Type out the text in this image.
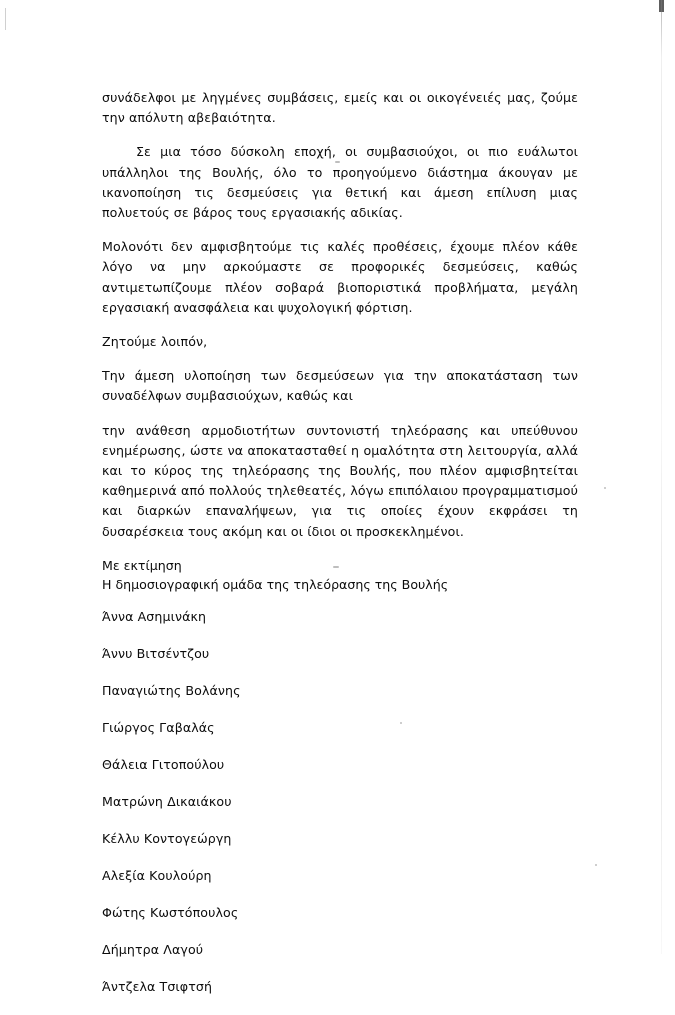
συνάδελφοι με ληγμένες συμβάσεις, εμείς και οι οικογένειές μας, ζούμε την απόλυτη αβεβαιότητα.

Σε μια τόσο δύσκολη εποχή, οι συμβασιούχοι, οι πιο ευάλωτοι υπάλληλοι της Βουλής, όλο το προηγούμενο διάστημα άκουγαν με ικανοποίηση τις δεσμεύσεις για θετική και άμεση επίλυση μιας πολυετούς σε βάρος τους εργασιακής αδικίας.

Μολονότι δεν αμφισβητούμε τις καλές προθέσεις, έχουμε πλέον κάθε λόγο να μην αρκούμαστε σε προφορικές δεσμεύσεις, καθώς αντιμετωπίζουμε πλέον σοβαρά βιοποριστικά προβλήματα, μεγάλη εργασιακή ανασφάλεια και ψυχολογική φόρτιση.

Ζητούμε λοιπόν,

Την άμεση υλοποίηση των δεσμεύσεων για την αποκατάσταση των συναδέλφων συμβασιούχων, καθώς και

την ανάθεση αρμοδιοτήτων συντονιστή τηλεόρασης και υπεύθυνου ενημέρωσης, ώστε να αποκατασταθεί η ομαλότητα στη λειτουργία, αλλά και το κύρος της τηλεόρασης της Βουλής, που πλέον αμφισβητείται καθημερινά από πολλούς τηλεθεατές, λόγω επιπόλαιου προγραμματισμού και διαρκών επαναλήψεων, για τις οποίες έχουν εκφράσει τη δυσαρέσκεια τους ακόμη και οι ίδιοι οι προσκεκλημένοι.

Με εκτίμηση
Η δημοσιογραφική ομάδα της τηλεόρασης της Βουλής
Άννα Ασημινάκη
Άννυ Βιτσέντζου
Παναγιώτης Βολάνης
Γιώργος Γαβαλάς
Θάλεια Γιτοπούλου
Ματρώνη Δικαιάκου
Κέλλυ Κοντογεώργη
Αλεξία Κουλούρη
Φώτης Κωστόπουλος
Δήμητρα Λαγού
Άντζελα Τσιφτσή
